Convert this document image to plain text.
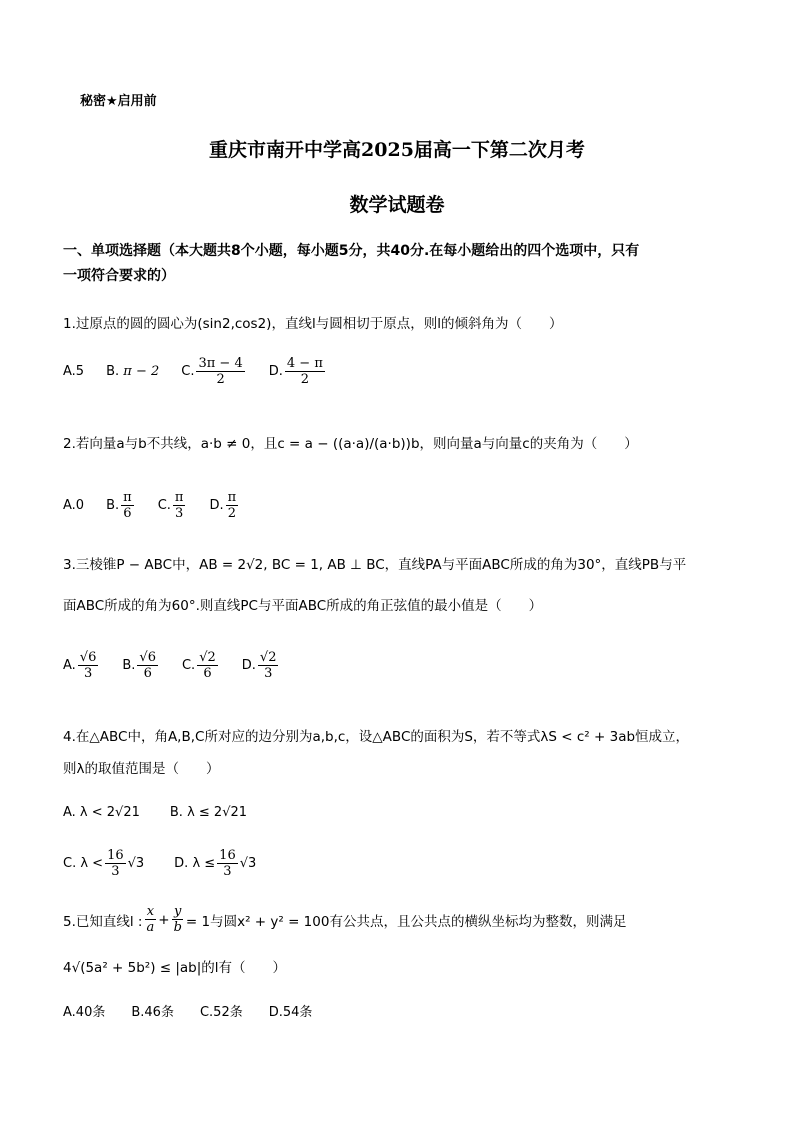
秘密★启用前
重庆市南开中学高2025届高一下第二次月考
数学试题卷
一、单项选择题（本大题共8个小题，每小题5分，共40分.在每小题给出的四个选项中，只有
一项符合要求的）
1.过原点的圆的圆心为(sin2,cos2)，直线l与圆相切于原点，则l的倾斜角为（　　）
A.5 B. π − 2 C. $\frac{3\pi - 4}{2} D$. $\frac{4 - \pi}{2}$
2.若向量a与b不共线，a·b ≠ 0，且c = a − ((a·a)/(a·b))b，则向量a与向量c的夹角为（　　）
A.0 B. $\frac{\pi}{6} C$. $\frac{\pi}{3} D$. $\frac{\pi}{2}$
3.三棱锥P − ABC中，AB = 2√2, BC = 1, AB ⊥ BC，直线PA与平面ABC所成的角为30°，直线PB与平
面ABC所成的角为60°.则直线PC与平面ABC所成的角正弦值的最小值是（　　）
A. $\frac{√6}{3} B$. $\frac{√6}{6} C$. $\frac{√2}{6} D$. $\frac{√2}{3}$
4.在△ABC中，角A,B,C所对应的边分别为a,b,c，设△ABC的面积为S，若不等式λS < c² + 3ab恒成立，
则λ的取值范围是（　　）
A. λ < 2√21 B. λ ≤ 2√21
C. $\lambda < \frac{16}{3} √3$ D. $\lambda \le \frac{16}{3} √3$
5.已知直线l : $\frac{x}{a} + \frac{y}{b} = 1$与圆x² + y² = 100有公共点，且公共点的横纵坐标均为整数，则满足
4√(5a² + 5b²) ≤ |ab|的l有（　　）
A.40条 B.46条 C.52条 D.54条
